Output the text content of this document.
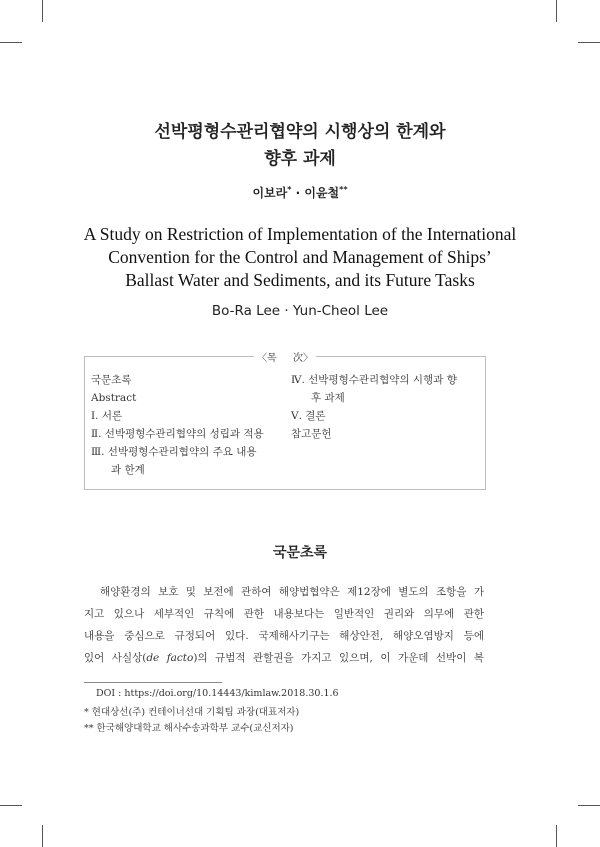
선박평형수관리협약의 시행상의 한계와
향후 과제
이보라* · 이윤철**
A Study on Restriction of Implementation of the International
Convention for the Control and Management of Ships’
Ballast Water and Sediments, and its Future Tasks
Bo-Ra Lee · Yun-Cheol Lee
〈목 　 次〉
국문초록
Abstract
Ⅰ. 서론
Ⅱ. 선박평형수관리협약의 성립과 적용
Ⅲ. 선박평형수관리협약의 주요 내용
과 한계
Ⅳ. 선박평형수관리협약의 시행과 향
후 과제
Ⅴ. 결론
참고문헌
국문초록
해양환경의 보호 및 보전에 관하여 해양법협약은 제12장에 별도의 조항을 가
지고 있으나 세부적인 규칙에 관한 내용보다는 일반적인 권리와 의무에 관한
내용을 중심으로 규정되어 있다. 국제해사기구는 해상안전, 해양오염방지 등에
있어 사실상(de facto)의 규범적 관할권을 가지고 있으며, 이 가운데 선박이 복
DOI : https://doi.org/10.14443/kimlaw.2018.30.1.6
* 현대상선(주) 컨테이너선대 기획팀 과장(대표저자)
** 한국해양대학교 해사수송과학부 교수(교신저자)
